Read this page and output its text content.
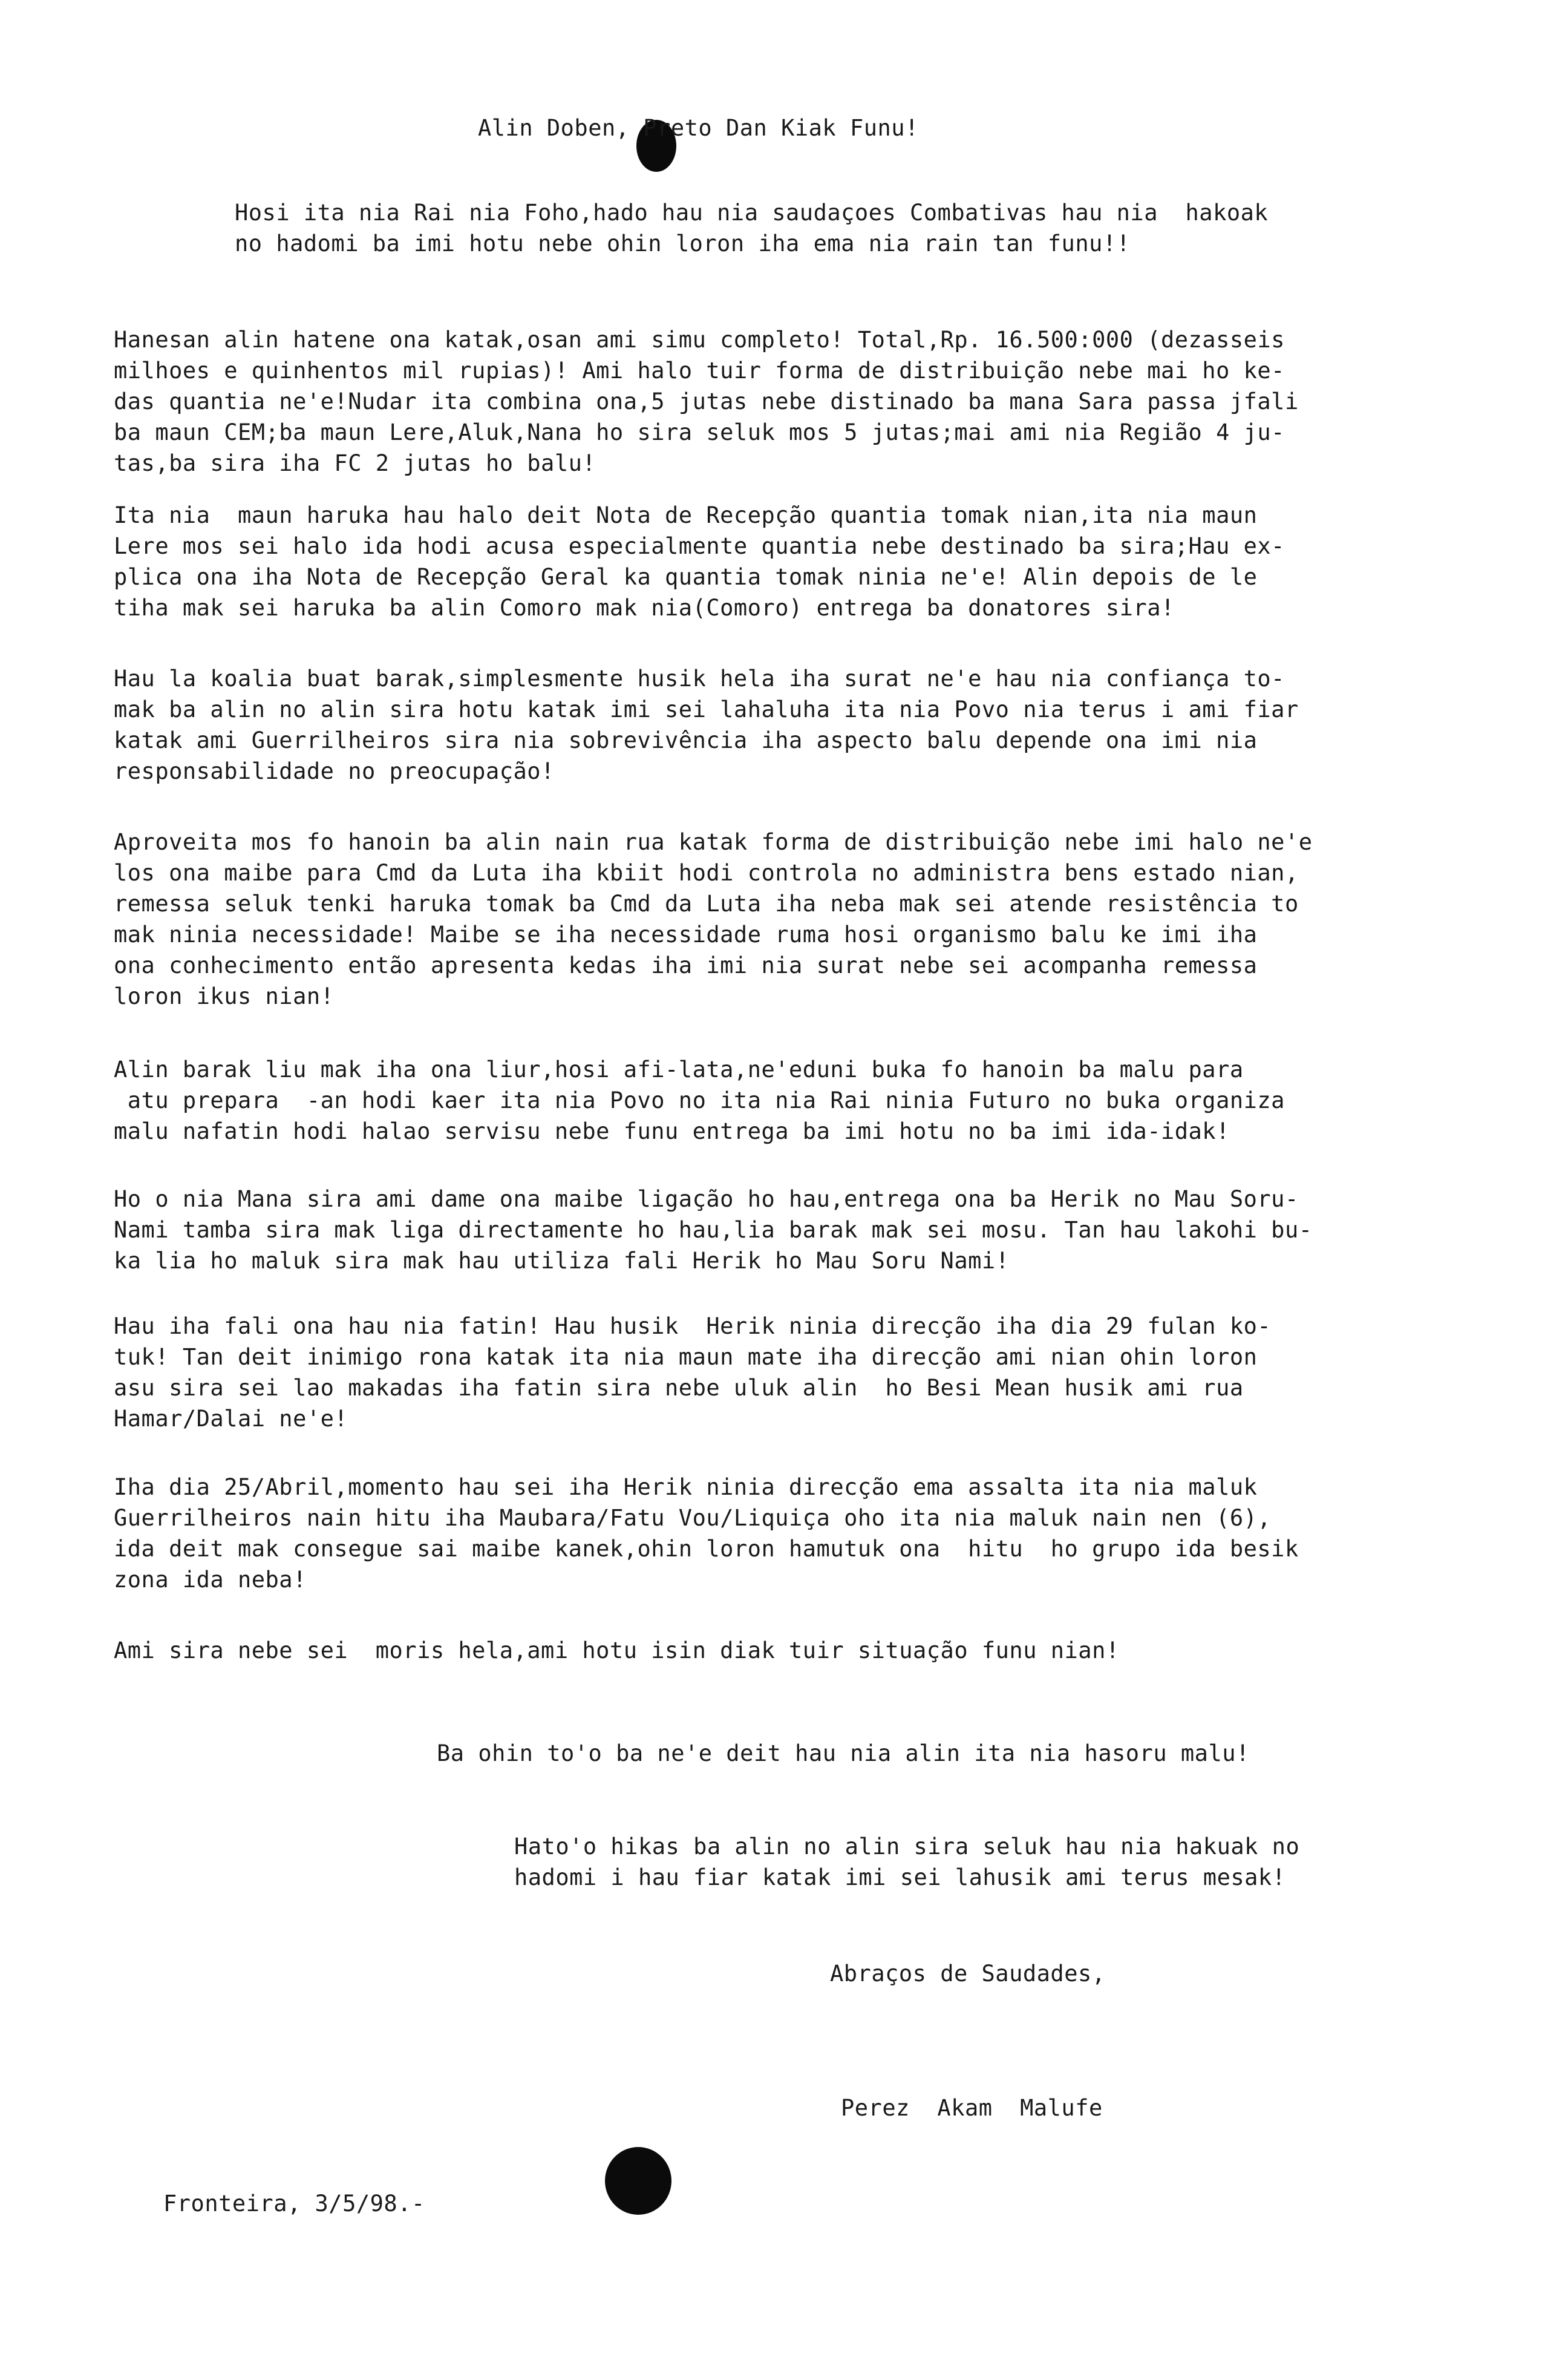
Alin Doben, Preto Dan Kiak Funu!
Hosi ita nia Rai nia Foho,hado hau nia saudaçoes Combativas hau nia  hakoak
no hadomi ba imi hotu nebe ohin loron iha ema nia rain tan funu!!
Hanesan alin hatene ona katak,osan ami simu completo! Total,Rp. 16.500:000 (dezasseis
milhoes e quinhentos mil rupias)! Ami halo tuir forma de distribuição nebe mai ho ke-
das quantia ne'e!Nudar ita combina ona,5 jutas nebe distinado ba mana Sara passa jfali
ba maun CEM;ba maun Lere,Aluk,Nana ho sira seluk mos 5 jutas;mai ami nia Região 4 ju-
tas,ba sira iha FC 2 jutas ho balu!
Ita nia  maun haruka hau halo deit Nota de Recepção quantia tomak nian,ita nia maun
Lere mos sei halo ida hodi acusa especialmente quantia nebe destinado ba sira;Hau ex-
plica ona iha Nota de Recepção Geral ka quantia tomak ninia ne'e! Alin depois de le
tiha mak sei haruka ba alin Comoro mak nia(Comoro) entrega ba donatores sira!
Hau la koalia buat barak,simplesmente husik hela iha surat ne'e hau nia confiança to-
mak ba alin no alin sira hotu katak imi sei lahaluha ita nia Povo nia terus i ami fiar
katak ami Guerrilheiros sira nia sobrevivência iha aspecto balu depende ona imi nia
responsabilidade no preocupação!
Aproveita mos fo hanoin ba alin nain rua katak forma de distribuição nebe imi halo ne'e
los ona maibe para Cmd da Luta iha kbiit hodi controla no administra bens estado nian,
remessa seluk tenki haruka tomak ba Cmd da Luta iha neba mak sei atende resistência to
mak ninia necessidade! Maibe se iha necessidade ruma hosi organismo balu ke imi iha
ona conhecimento então apresenta kedas iha imi nia surat nebe sei acompanha remessa
loron ikus nian!
Alin barak liu mak iha ona liur,hosi afi-lata,ne'eduni buka fo hanoin ba malu para
atu prepara  -an hodi kaer ita nia Povo no ita nia Rai ninia Futuro no buka organiza
malu nafatin hodi halao servisu nebe funu entrega ba imi hotu no ba imi ida-idak!
Ho o nia Mana sira ami dame ona maibe ligação ho hau,entrega ona ba Herik no Mau Soru-
Nami tamba sira mak liga directamente ho hau,lia barak mak sei mosu. Tan hau lakohi bu-
ka lia ho maluk sira mak hau utiliza fali Herik ho Mau Soru Nami!
Hau iha fali ona hau nia fatin! Hau husik  Herik ninia direcção iha dia 29 fulan ko-
tuk! Tan deit inimigo rona katak ita nia maun mate iha direcção ami nian ohin loron
asu sira sei lao makadas iha fatin sira nebe uluk alin  ho Besi Mean husik ami rua
Hamar/Dalai ne'e!
Iha dia 25/Abril,momento hau sei iha Herik ninia direcção ema assalta ita nia maluk
Guerrilheiros nain hitu iha Maubara/Fatu Vou/Liquiça oho ita nia maluk nain nen (6),
ida deit mak consegue sai maibe kanek,ohin loron hamutuk ona  hitu  ho grupo ida besik
zona ida neba!
Ami sira nebe sei  moris hela,ami hotu isin diak tuir situação funu nian!
Ba ohin to'o ba ne'e deit hau nia alin ita nia hasoru malu!
Hato'o hikas ba alin no alin sira seluk hau nia hakuak no
hadomi i hau fiar katak imi sei lahusik ami terus mesak!
Abraços de Saudades,
Perez  Akam  Malufe
Fronteira, 3/5/98.-
